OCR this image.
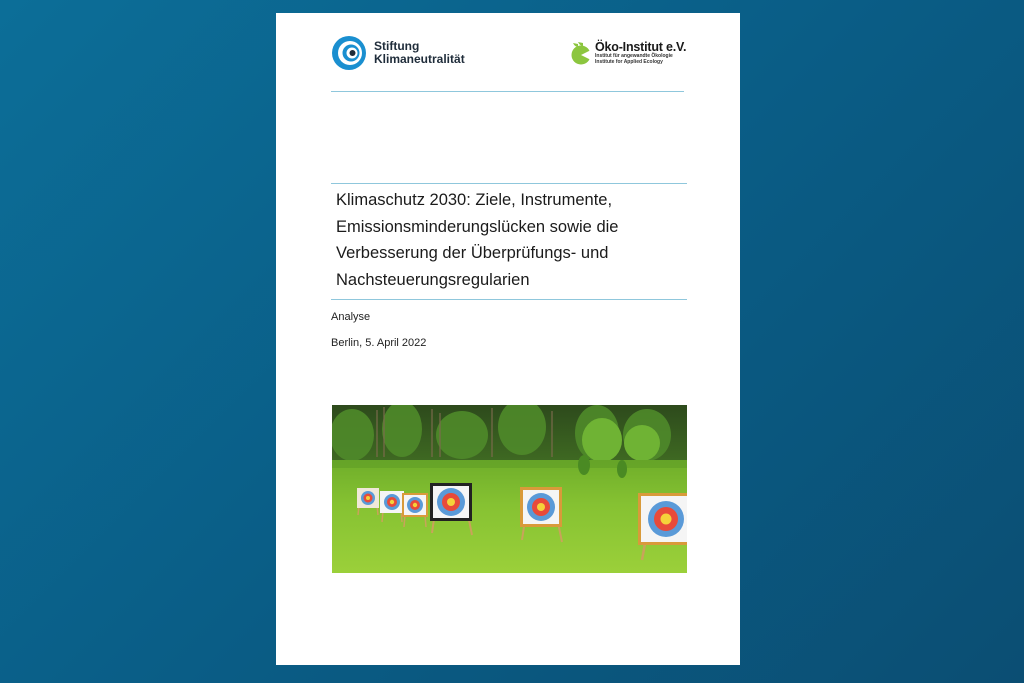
Stiftung
Klimaneutralität
Öko-Institut e.V.
Institut für angewandte Ökologie
Institute for Applied Ecology
Klimaschutz 2030: Ziele, Instrumente,
Emissionsminderungslücken sowie die
Verbesserung der Überprüfungs- und
Nachsteuerungsregularien
Analyse
Berlin, 5. April 2022
